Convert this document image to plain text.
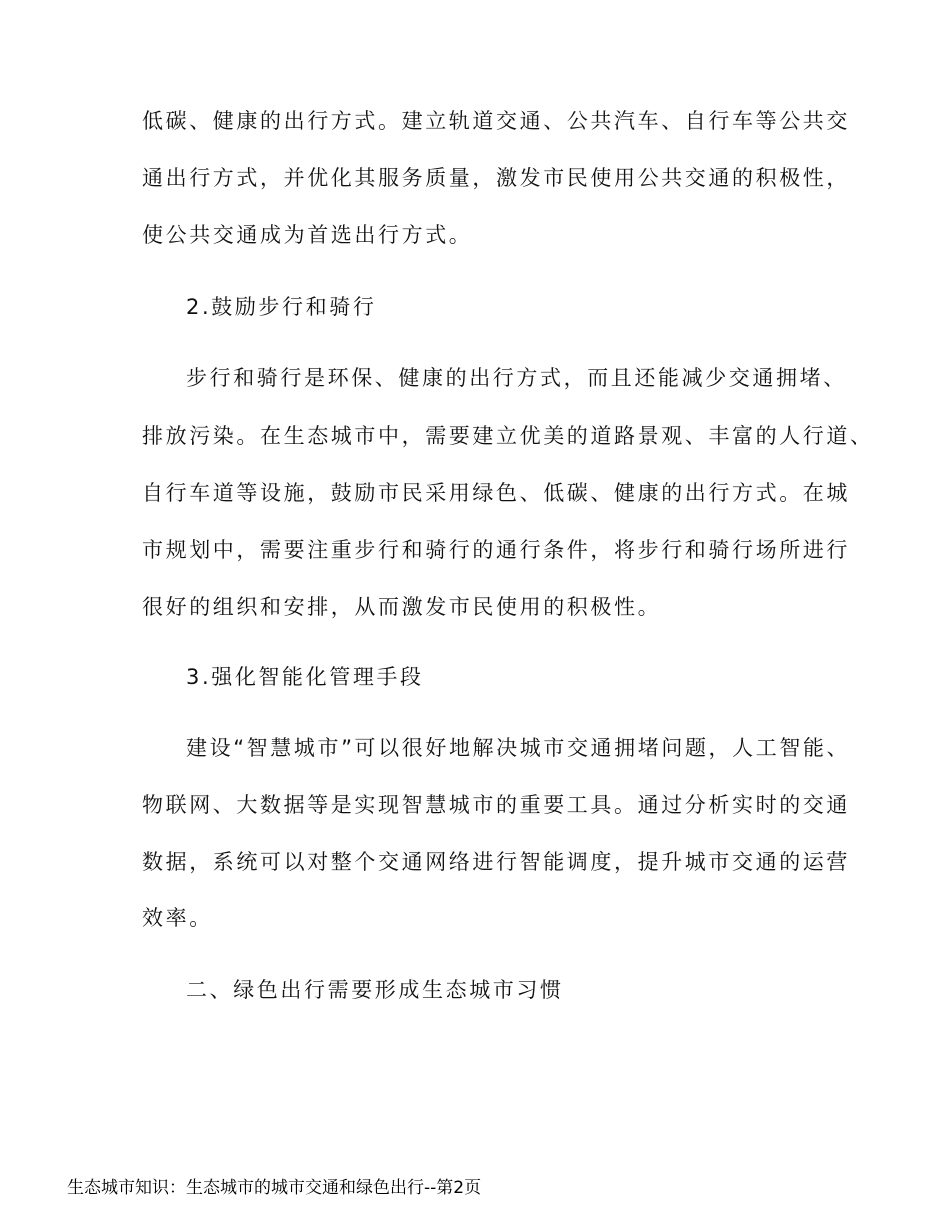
低碳、健康的出行方式。建立轨道交通、公共汽车、自行车等公共交
通出行方式，并优化其服务质量，激发市民使用公共交通的积极性，
使公共交通成为首选出行方式。
2.鼓励步行和骑行
步行和骑行是环保、健康的出行方式，而且还能减少交通拥堵、
排放污染。在生态城市中，需要建立优美的道路景观、丰富的人行道、
自行车道等设施，鼓励市民采用绿色、低碳、健康的出行方式。在城
市规划中，需要注重步行和骑行的通行条件，将步行和骑行场所进行
很好的组织和安排，从而激发市民使用的积极性。
3.强化智能化管理手段
建设“智慧城市”可以很好地解决城市交通拥堵问题，人工智能、
物联网、大数据等是实现智慧城市的重要工具。通过分析实时的交通
数据，系统可以对整个交通网络进行智能调度，提升城市交通的运营
效率。
二、绿色出行需要形成生态城市习惯
生态城市知识：生态城市的城市交通和绿色出行--第2页
